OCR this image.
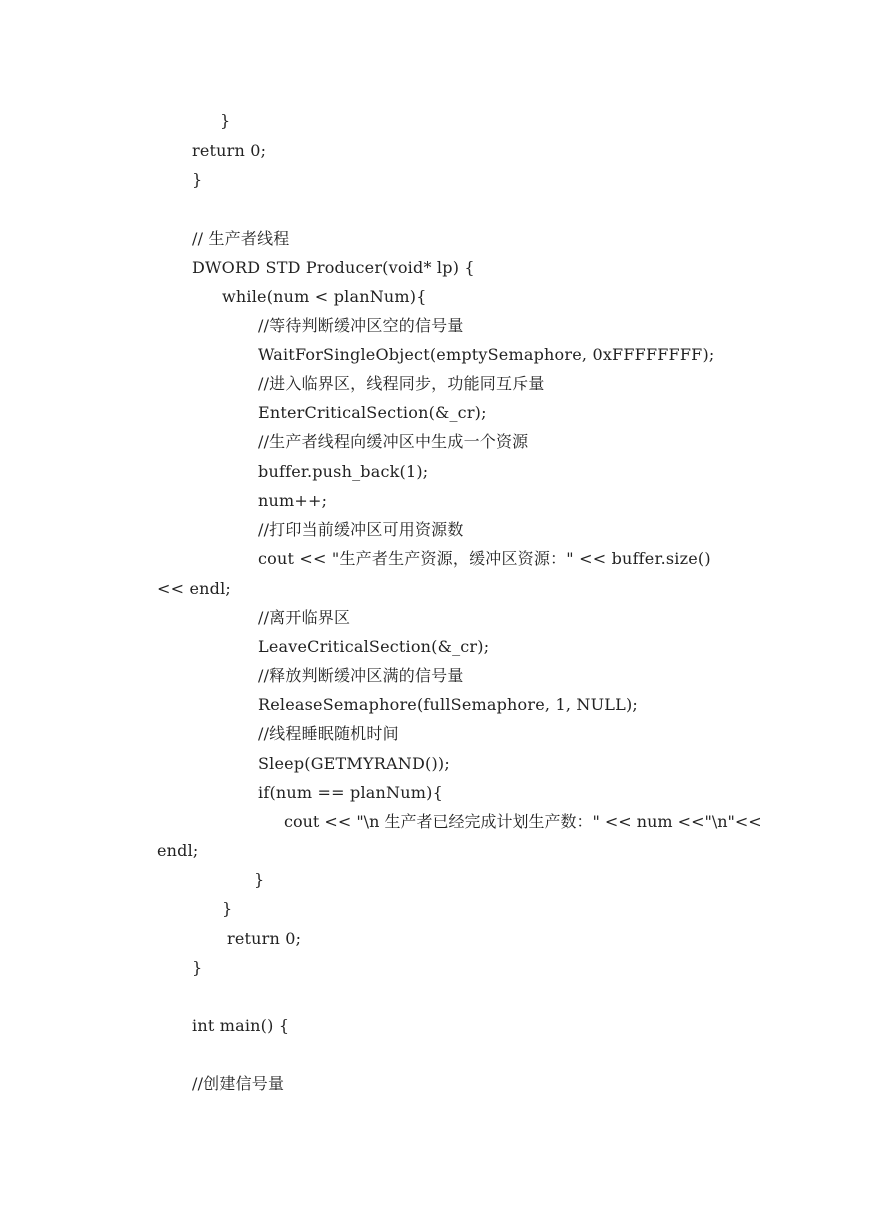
}
return 0;
}
// 生产者线程
DWORD STD Producer(void* lp) {
while(num < planNum){
//等待判断缓冲区空的信号量
WaitForSingleObject(emptySemaphore, 0xFFFFFFFF);
//进入临界区，线程同步，功能同互斥量
EnterCriticalSection(&_cr);
//生产者线程向缓冲区中生成一个资源
buffer.push_back(1);
num++;
//打印当前缓冲区可用资源数
cout << "生产者生产资源，缓冲区资源：" << buffer.size()
<< endl;
//离开临界区
LeaveCriticalSection(&_cr);
//释放判断缓冲区满的信号量
ReleaseSemaphore(fullSemaphore, 1, NULL);
//线程睡眠随机时间
Sleep(GETMYRAND());
if(num == planNum){
cout << "\n 生产者已经完成计划生产数：" << num <<"\n"<<
endl;
}
}
return 0;
}
int main() {
//创建信号量
